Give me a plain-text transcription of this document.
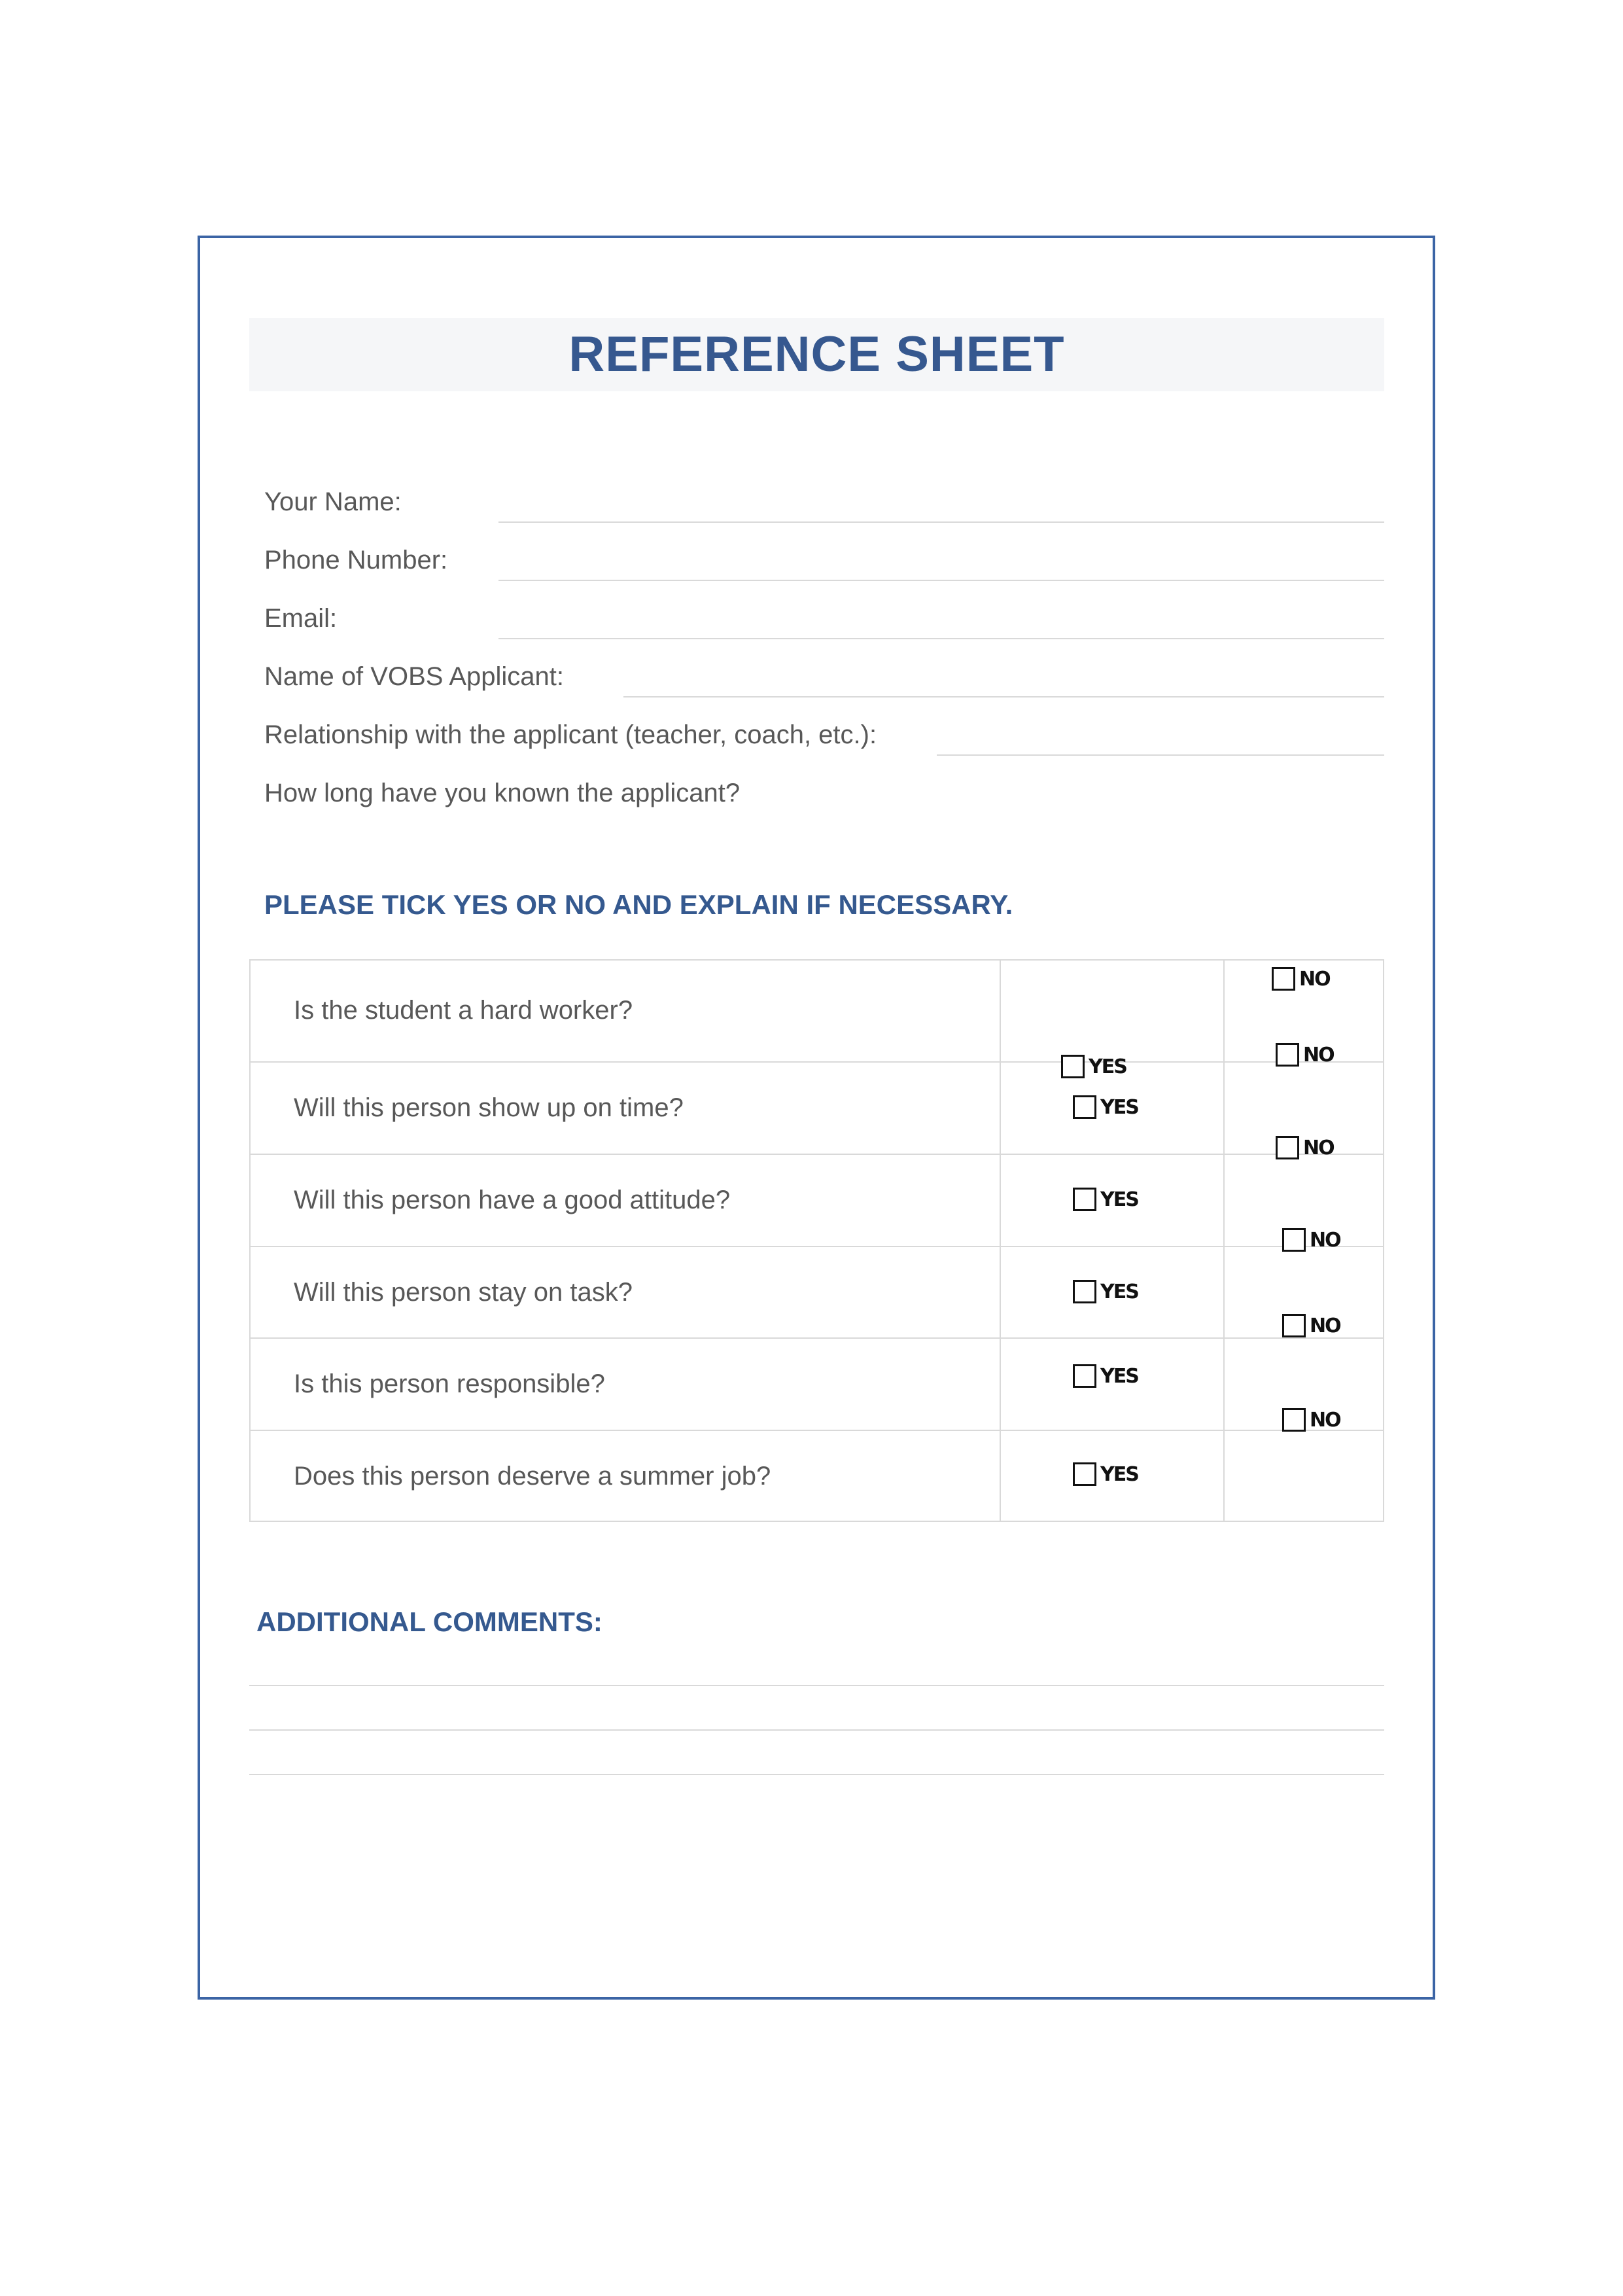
REFERENCE SHEET
Your Name:
Phone Number:
Email:
Name of VOBS Applicant:
Relationship with the applicant (teacher, coach, etc.):
How long have you known the applicant?
PLEASE TICK YES OR NO AND EXPLAIN IF NECESSARY.
Is the student a hard worker?
Will this person show up on time?
Will this person have a good attitude?
Will this person stay on task?
Is this person responsible?
Does this person deserve a summer job?
YES
YES
YES
YES
YES
YES
NO
NO
NO
NO
NO
NO
ADDITIONAL COMMENTS:
